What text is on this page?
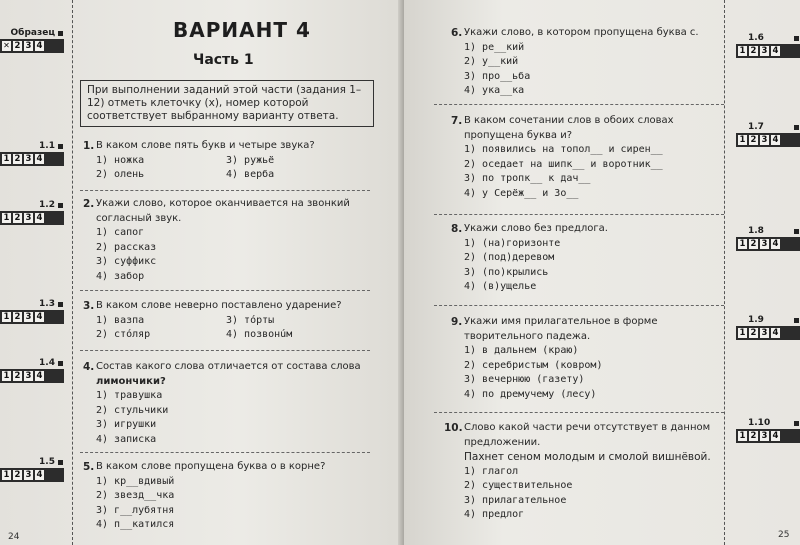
Образец
✕
2 3 4
ВАРИАНТ 4
Часть 1
При выполнении заданий этой части (задания 1–12) отметь клеточку (х), номер которой соответствует выбранному варианту ответа.
1. В каком слове пять букв и четыре звука?
1) ножка	3) ружьё
2) олень	4) верба
1.1
1 2 3 4
2. Укажи слово, которое оканчивается на звонкий согласный звук.
1) сапог
2) рассказ
3) суффикс
4) забор
1.2
1 2 3 4
3. В каком слове неверно поставлено ударение?
1) вазпа	3) тóрты
2) стóляр	4) позвонúм
1.3
1 2 3 4
4. Состав какого слова отличается от состава слова
лимончики?
1) травушка
2) стульчики
3) игрушки
4) записка
1.4
1 2 3 4
5. В каком слове пропущена буква о в корне?
1) кр__вдивый
2) звезд__чка
3) г__лубятня
4) п__катился
1.5
1 2 3 4
24
6. Укажи слово, в котором пропущена буква с.
1) ре__кий
2) у__кий
3) про__ьба
4) ука__ка
1.6
1 2 3 4
7. В каком сочетании слов в обоих словах пропущена буква и?
1) появились на топол__ и сирен__
2) оседает на шипк__ и воротник__
3) по тропк__ к дач__
4) у Серёж__ и Зо__
1.7
1 2 3 4
8. Укажи слово без предлога.
1) (на)горизонте
2) (под)деревом
3) (по)крылись
4) (в)ущелье
1.8
1 2 3 4
9. Укажи имя прилагательное в форме творительного падежа.
1) в дальнем (краю)
2) серебристым (ковром)
3) вечернюю (газету)
4) по дремучему (лесу)
1.9
1 2 3 4
10. Слово какой части речи отсутствует в данном предложении.
Пахнет сеном молодым и смолой вишнёвой.
1) глагол
2) существительное
3) прилагательное
4) предлог
1.10
1 2 3 4
25
